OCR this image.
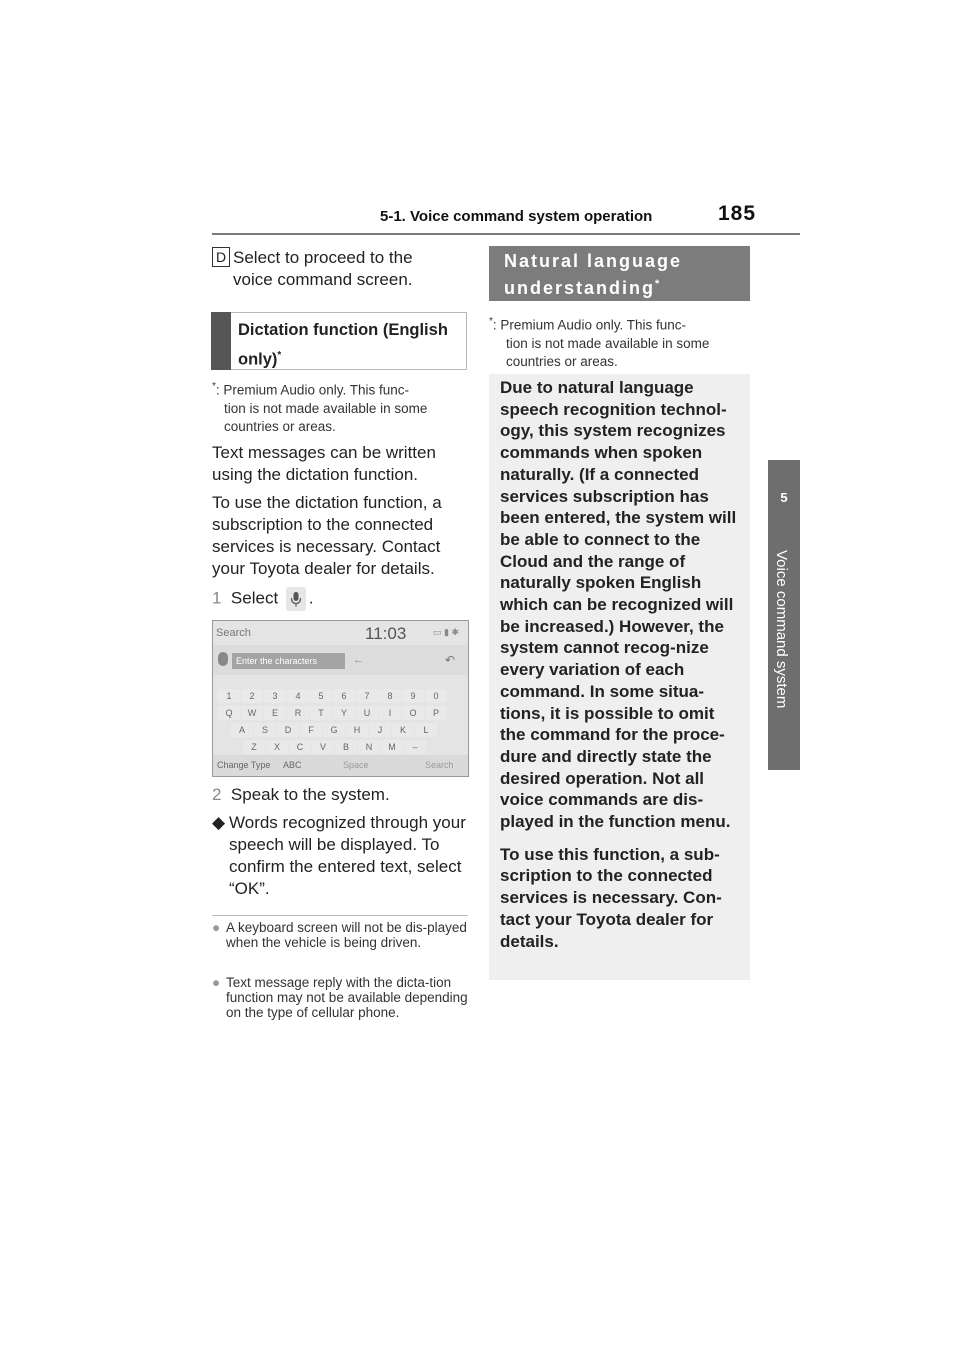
5-1. Voice command system operation	185
5
Voice command system
D Select to proceed to the voice command screen.
Dictation function (English only)*
*: Premium Audio only. This func-
tion is not made available in some countries or areas.
Text messages can be written using the dictation function.
To use the dictation function, a subscription to the connected services is necessary. Contact your Toyota dealer for details.
1 Select .
Search	11:03	▭ ▮ ✱
Enter the characters	←	↶
1	2	3	4	5	6	7	8	9	0
Q	W	E	R	T	Y	U	I	O	P
A	S	D	F	G	H	J	K	L
Z	X	C	V	B	N	M	–
Change Type ABC	Space	Search
2 Speak to the system.
◆ Words recognized through your speech will be displayed. To confirm the entered text, select “OK”.
● A keyboard screen will not be dis-played when the vehicle is being driven.
● Text message reply with the dicta-tion function may not be available depending on the type of cellular phone.
Natural language understanding*
*: Premium Audio only. This func-
tion is not made available in some countries or areas.

Due to natural language speech recognition technol-ogy, this system recognizes commands when spoken naturally. (If a connected services subscription has been entered, the system will be able to connect to the Cloud and the range of naturally spoken English which can be recognized will be increased.) However, the system cannot recog-nize every variation of each command. In some situa-tions, it is possible to omit the command for the proce-dure and directly state the desired operation. Not all voice commands are dis-played in the function menu.

To use this function, a sub-scription to the connected services is necessary. Con-tact your Toyota dealer for details.
